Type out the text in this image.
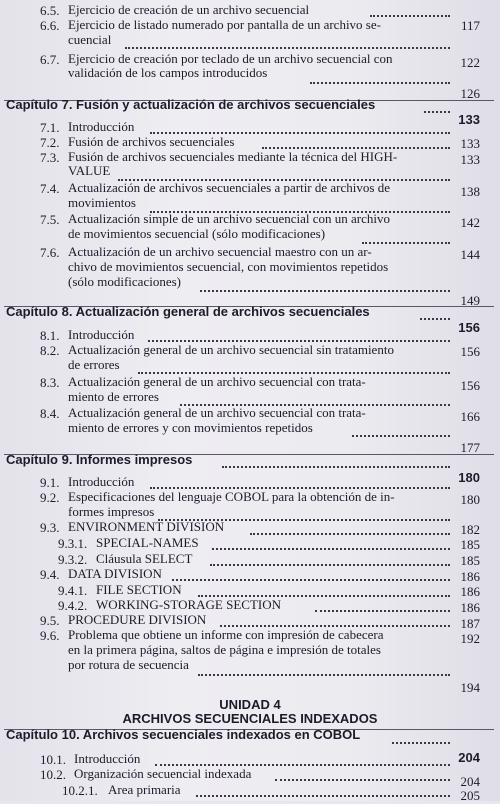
6.5. Ejercicio de creación de un archivo secuencial
117
6.6. Ejercicio de listado numerado por pantalla de un archivo se-
cuencial
122
6.7. Ejercicio de creación por teclado de un archivo secuencial con
validación de los campos introducidos
126
Capítulo 7. Fusión y actualización de archivos secuenciales
133
7.1. Introducción
133
7.2. Fusión de archivos secuenciales
133
7.3. Fusión de archivos secuenciales mediante la técnica del HIGH-
VALUE
138
7.4. Actualización de archivos secuenciales a partir de archivos de
movimientos
142
7.5. Actualización simple de un archivo secuencial con un archivo
de movimientos secuencial (sólo modificaciones)
144
7.6. Actualización de un archivo secuencial maestro con un ar-
chivo de movimientos secuencial, con movimientos repetidos
(sólo modificaciones)
149
Capítulo 8. Actualización general de archivos secuenciales
156
8.1. Introducción
156
8.2. Actualización general de un archivo secuencial sin tratamiento
de errores
156
8.3. Actualización general de un archivo secuencial con trata-
miento de errores
166
8.4. Actualización general de un archivo secuencial con trata-
miento de errores y con movimientos repetidos
177
Capítulo 9. Informes impresos
180
9.1. Introducción
180
9.2. Especificaciones del lenguaje COBOL para la obtención de in-
formes impresos
182
9.3. ENVIRONMENT DIVISION
185
9.3.1. SPECIAL-NAMES
185
9.3.2. Cláusula SELECT
186
9.4. DATA DIVISION
186
9.4.1. FILE SECTION
186
9.4.2. WORKING-STORAGE SECTION
187
9.5. PROCEDURE DIVISION
192
9.6. Problema que obtiene un informe con impresión de cabecera
en la primera página, saltos de página e impresión de totales
por rotura de secuencia
194
UNIDAD 4
ARCHIVOS SECUENCIALES INDEXADOS
Capítulo 10. Archivos secuenciales indexados en COBOL
204
10.1. Introducción
204
10.2. Organización secuencial indexada
205
10.2.1. Area primaria
